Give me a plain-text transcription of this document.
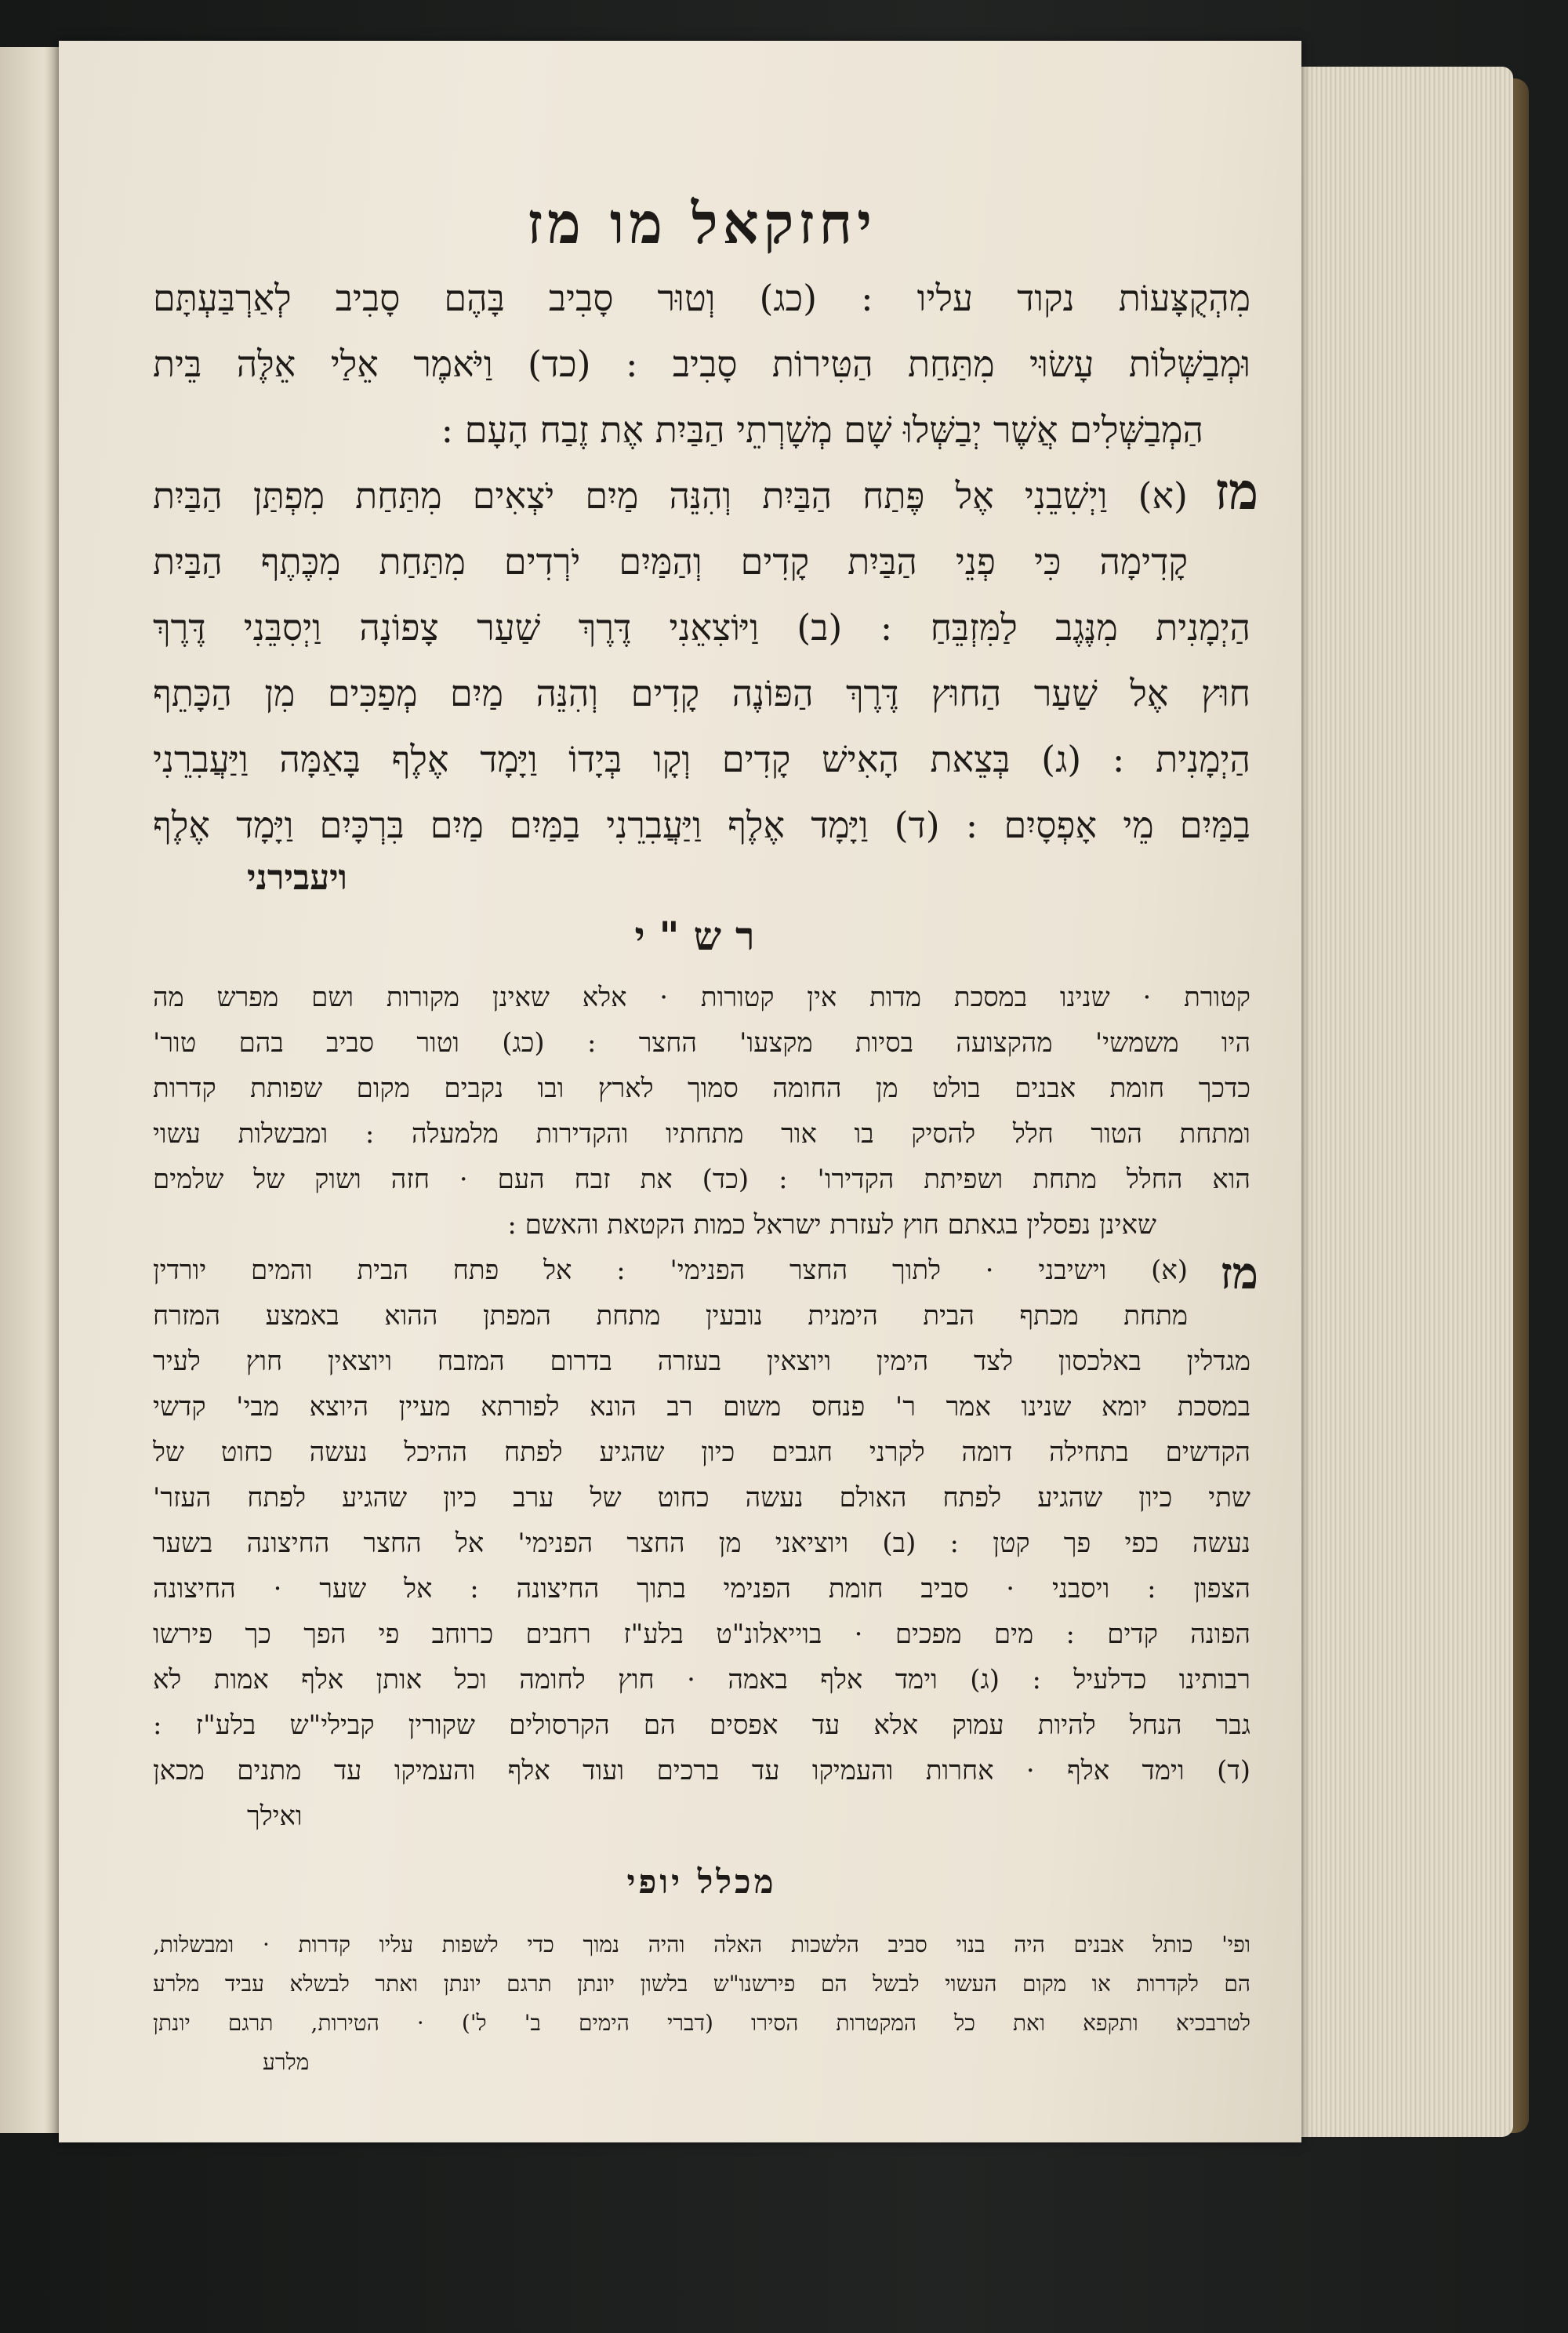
יחזקאל מו מז
מִהְקֻצָּעוֹת נקוד עליו : (כג) וְטוּר סָבִיב בָּהֶם סָבִיב לְאַרְבַּעְתָּם
וּמְבַשְּׁלוֹת עָשׂוּי מִתַּחַת הַטִּירוֹת סָבִיב : (כד) וַיֹּאמֶר אֵלַי אֵלֶּה בֵּית
הַמְבַשְּׁלִים אֲשֶׁר יְבַשְּׁלוּ שָׁם מְשָׁרְתֵי הַבַּיִת אֶת זֶבַח הָעָם :
מז
(א) וַיְשִׁבֵנִי אֶל פֶּתַח הַבַּיִת וְהִנֵּה מַיִם יֹצְאִים מִתַּחַת מִפְתַּן הַבַּיִת
קָדִימָה כִּי פְנֵי הַבַּיִת קָדִים וְהַמַּיִם יֹרְדִים מִתַּחַת מִכֶּתֶף הַבַּיִת
הַיְמָנִית מִנֶּגֶב לַמִּזְבֵּחַ : (ב) וַיּוֹצִאֵנִי דֶּרֶךְ שַׁעַר צָפוֹנָה וַיְסִבֵּנִי דֶּרֶךְ
חוּץ אֶל שַׁעַר הַחוּץ דֶּרֶךְ הַפּוֹנֶה קָדִים וְהִנֵּה מַיִם מְפַכִּים מִן הַכָּתֵף
הַיְמָנִית : (ג) בְּצֵאת הָאִישׁ קָדִים וְקָו בְּיָדוֹ וַיָּמָד אֶלֶף בָּאַמָּה וַיַּעֲבִרֵנִי
בַמַּיִם מֵי אָפְסָיִם : (ד) וַיָּמָד אֶלֶף וַיַּעֲבִרֵנִי בַמַּיִם מַיִם בִּרְכָּיִם וַיָּמָד אֶלֶף
ויעבירני
רש"י
קטורת · שנינו במסכת מדות אין קטורות · אלא שאינן מקורות ושם מפרש מה
היו משמשי' מהקצועה בסיות מקצעו' החצר : (כג) וטור סביב בהם טור'
כדכך חומת אבנים בולט מן החומה סמוך לארץ ובו נקבים מקום שפותת קדרות
ומתחת הטור חלל להסיק בו אור מתחתיו והקדירות מלמעלה : ומבשלות עשוי
הוא החלל מתחת ושפיתת הקדירו' : (כד) את זבח העם · חזה ושוק של שלמים
שאינן נפסלין בגאתם חוץ לעזרת ישראל כמות הקטאת והאשם :
מז
(א) וישיבני · לתוך החצר הפנימי' : אל פתח הבית והמים יורדין
מתחת מכתף הבית הימנית נובעין מתחת המפתן ההוא באמצע המזרח
מגדלין באלכסון לצד הימין ויוצאין בעזרה בדרום המזבח ויוצאין חוץ לעיר
במסכת יומא שנינו אמר ר' פנחס משום רב הונא לפורתא מעיין היוצא מבי' קדשי
הקדשים בתחילה דומה לקרני חגבים כיון שהגיע לפתח ההיכל נעשה כחוט של
שתי כיון שהגיע לפתח האולם נעשה כחוט של ערב כיון שהגיע לפתח העזר'
נעשה כפי פך קטן : (ב) ויוציאני מן החצר הפנימי' אל החצר החיצונה בשער
הצפון : ויסבני · סביב חומת הפנימי בתוך החיצונה : אל שער · החיצונה
הפונה קדים : מים מפכים · בוייאלונ"ט בלע"ז רחבים כרוחב פי הפך כך פירשו
רבותינו כדלעיל : (ג) וימד אלף באמה · חוץ לחומה וכל אותן אלף אמות לא
גבר הנחל להיות עמוק אלא עד אפסים הם הקרסולים שקורין קבילי"ש בלע"ז :
(ד) וימד אלף · אחרות והעמיקו עד ברכים ועוד אלף והעמיקו עד מתנים מכאן
ואילך
מכלל יופי
ופי' כותל אבנים היה בנוי סביב הלשכות האלה והיה נמוך כדי לשפות עליו קדרות · ומבשלות,
הם לקדרות או מקום העשוי לבשל הם פירשנו"ש בלשון יונתן תרגם יונתן ואתר לבשלא עביד מלרע
לטרבכיא ותקפא ואת כל המקטרות הסירו (דברי הימים ב' ל') · הטירות, תרגם יונתן
מלרע
